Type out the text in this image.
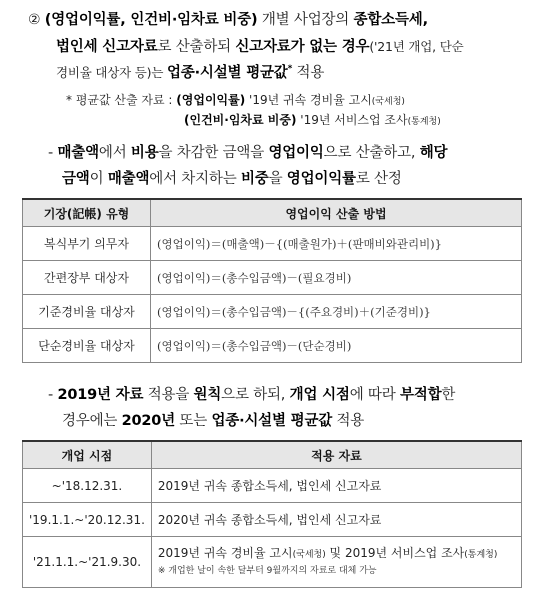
② (영업이익률, 인건비·임차료 비중) 개별 사업장의 종합소득세,
법인세 신고자료로 산출하되 신고자료가 없는 경우('21년 개업, 단순
경비율 대상자 등)는 업종·시설별 평균값* 적용
* 평균값 산출 자료 : (영업이익률) '19년 귀속 경비율 고시(국세청)
(인건비·임차료 비중) '19년 서비스업 조사(통계청)
- 매출액에서 비용을 차감한 금액을 영업이익으로 산출하고, 해당
금액이 매출액에서 차지하는 비중을 영업이익률로 산정
기장(記帳) 유형	영업이익 산출 방법
복식부기 의무자	(영업이익)＝(매출액)－{(매출원가)＋(판매비와관리비)}
간편장부 대상자	(영업이익)＝(총수입금액)－(필요경비)
기준경비율 대상자	(영업이익)＝(총수입금액)－{(주요경비)＋(기준경비)}
단순경비율 대상자	(영업이익)＝(총수입금액)－(단순경비)
- 2019년 자료 적용을 원칙으로 하되, 개업 시점에 따라 부적합한
경우에는 2020년 또는 업종·시설별 평균값 적용
개업 시점	적용 자료
~'18.12.31.	2019년 귀속 종합소득세, 법인세 신고자료
'19.1.1.~'20.12.31.	2020년 귀속 종합소득세, 법인세 신고자료
'21.1.1.~'21.9.30.	2019년 귀속 경비율 고시(국세청) 및 2019년 서비스업 조사(통계청)
※ 개업한 날이 속한 달부터 9월까지의 자료로 대체 가능
